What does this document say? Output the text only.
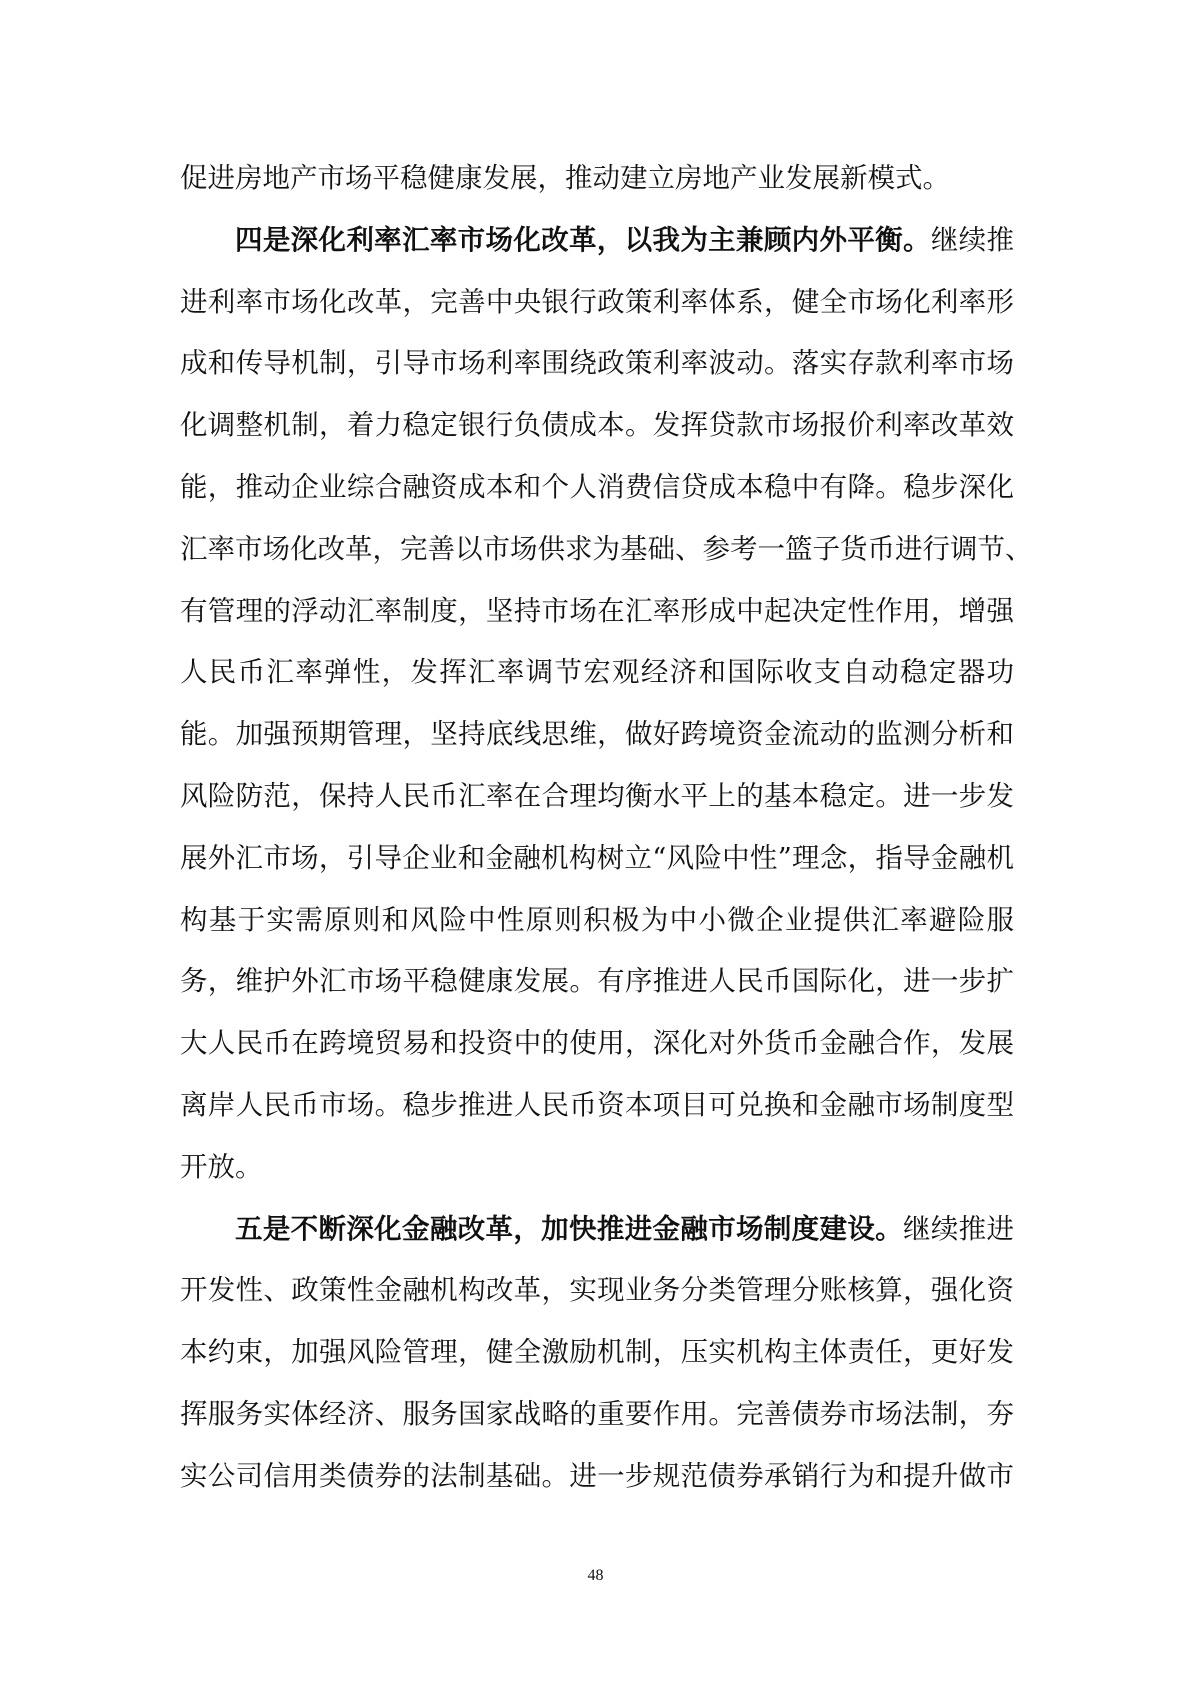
促进房地产市场平稳健康发展，推动建立房地产业发展新模式。
四是深化利率汇率市场化改革，以我为主兼顾内外平衡。继续推
进利率市场化改革，完善中央银行政策利率体系，健全市场化利率形
成和传导机制，引导市场利率围绕政策利率波动。落实存款利率市场
化调整机制，着力稳定银行负债成本。发挥贷款市场报价利率改革效
能，推动企业综合融资成本和个人消费信贷成本稳中有降。稳步深化
汇率市场化改革，完善以市场供求为基础、参考一篮子货币进行调节、
有管理的浮动汇率制度，坚持市场在汇率形成中起决定性作用，增强
人民币汇率弹性，发挥汇率调节宏观经济和国际收支自动稳定器功
能。加强预期管理，坚持底线思维，做好跨境资金流动的监测分析和
风险防范，保持人民币汇率在合理均衡水平上的基本稳定。进一步发
展外汇市场，引导企业和金融机构树立“风险中性”理念，指导金融机
构基于实需原则和风险中性原则积极为中小微企业提供汇率避险服
务，维护外汇市场平稳健康发展。有序推进人民币国际化，进一步扩
大人民币在跨境贸易和投资中的使用，深化对外货币金融合作，发展
离岸人民币市场。稳步推进人民币资本项目可兑换和金融市场制度型
开放。
五是不断深化金融改革，加快推进金融市场制度建设。继续推进
开发性、政策性金融机构改革，实现业务分类管理分账核算，强化资
本约束，加强风险管理，健全激励机制，压实机构主体责任，更好发
挥服务实体经济、服务国家战略的重要作用。完善债券市场法制，夯
实公司信用类债券的法制基础。进一步规范债券承销行为和提升做市
48
